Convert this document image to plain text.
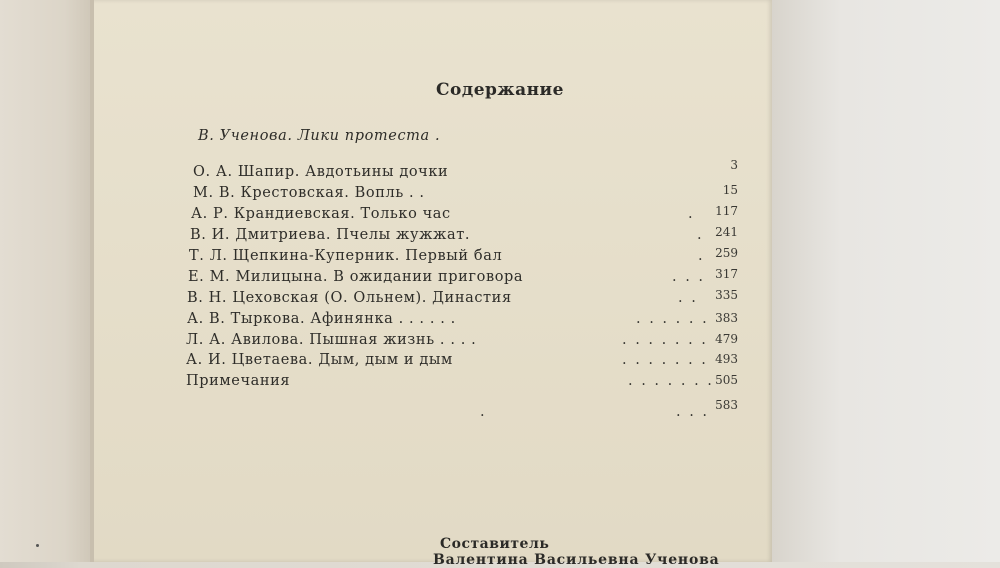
Содержание
В. Ученова. Лики протеста .
О. А. Шапир. Авдотьины дочки	3
М. В. Крестовская. Вопль . .	15
А. Р. Крандиевская. Только час	. 117
В. И. Дмитриева. Пчелы жужжат.	. 241
Т. Л. Щепкина-Куперник. Первый бал	. 259
Е. М. Милицына. В ожидании приговора	. . . 317
В. Н. Цеховская (О. Ольнем). Династия	. . 335
А. В. Тыркова. Афинянка . . . . . .	. . . . . . 383
Л. А. Авилова. Пышная жизнь . . . .	. . . . . . . 479
А. И. Цветаева. Дым, дым и дым	. . . . . . . 493
Примечания	. . . . . . . 505
.	. . . 583
Составитель
Валентина Васильевна Ученова
